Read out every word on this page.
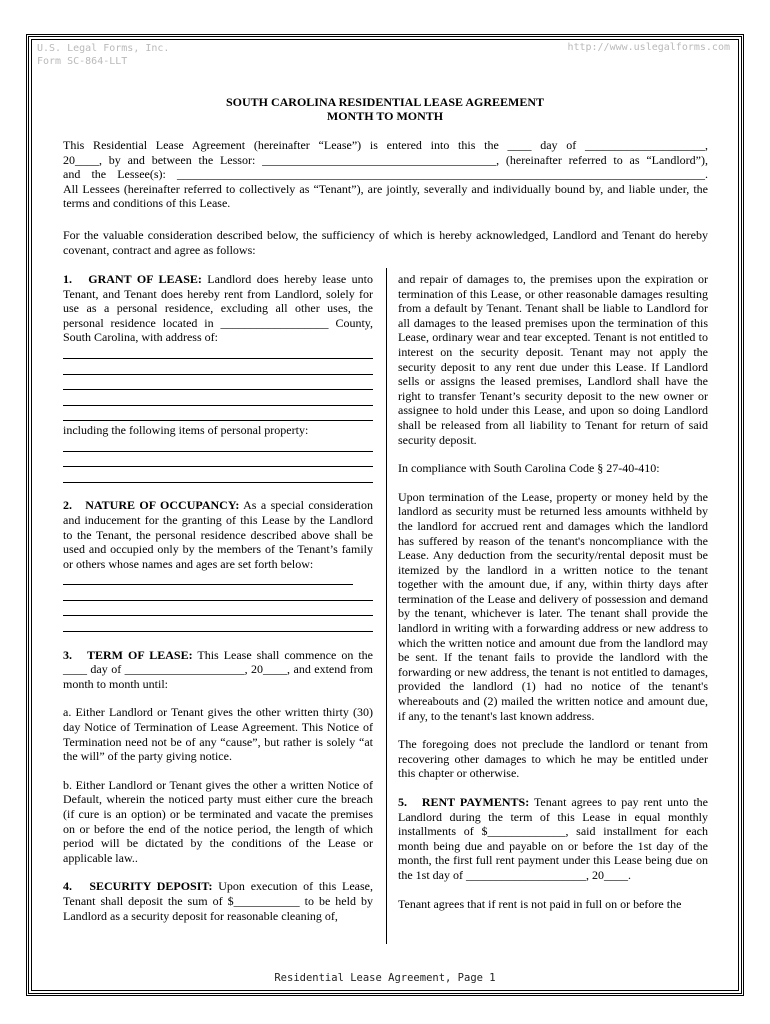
U.S. Legal Forms, Inc.
Form SC-864-LLT
http://www.uslegalforms.com
SOUTH CAROLINA RESIDENTIAL LEASE AGREEMENT
MONTH TO MONTH

This Residential Lease Agreement (hereinafter “Lease”) is entered into this the ____ day of ____________________,

20____, by and between the Lessor: _______________________________________, (hereinafter referred to as “Landlord”),

and the Lessee(s): ________________________________________________________________________________________.

All Lessees (hereinafter referred to collectively as “Tenant”), are jointly, severally and individually bound by, and liable under, the terms and conditions of this Lease.

For the valuable consideration described below, the sufficiency of which is hereby acknowledged, Landlord and Tenant do hereby covenant, contract and agree as follows:

1.   GRANT OF LEASE: Landlord does hereby lease unto Tenant, and Tenant does hereby rent from Landlord, solely for use as a personal residence, excluding all other uses, the personal residence located in __________________ County, South Carolina, with address of:

including the following items of personal property:

2.   NATURE OF OCCUPANCY: As a special consideration and inducement for the granting of this Lease by the Landlord to the Tenant, the personal residence described above shall be used and occupied only by the members of the Tenant’s family or others whose names and ages are set forth below:

3.   TERM OF LEASE: This Lease shall commence on the ____ day of ____________________, 20____, and extend from month to month until:

a. Either Landlord or Tenant gives the other written thirty (30) day Notice of Termination of Lease Agreement. This Notice of Termination need not be of any “cause”, but rather is solely “at the will” of the party giving notice.

b. Either Landlord or Tenant gives the other a written Notice of Default, wherein the noticed party must either cure the breach (if cure is an option) or be terminated and vacate the premises on or before the end of the notice period, the length of which period will be dictated by the conditions of the Lease or applicable law..

4.   SECURITY DEPOSIT: Upon execution of this Lease, Tenant shall deposit the sum of $___________ to be held by Landlord as a security deposit for reasonable cleaning of,

and repair of damages to, the premises upon the expiration or termination of this Lease, or other reasonable damages resulting from a default by Tenant. Tenant shall be liable to Landlord for all damages to the leased premises upon the termination of this Lease, ordinary wear and tear excepted. Tenant is not entitled to interest on the security deposit. Tenant may not apply the security deposit to any rent due under this Lease. If Landlord sells or assigns the leased premises, Landlord shall have the right to transfer Tenant’s security deposit to the new owner or assignee to hold under this Lease, and upon so doing Landlord shall be released from all liability to Tenant for return of said security deposit.

In compliance with South Carolina Code § 27-40-410:

Upon termination of the Lease, property or money held by the landlord as security must be returned less amounts withheld by the landlord for accrued rent and damages which the landlord has suffered by reason of the tenant's noncompliance with the Lease. Any deduction from the security/rental deposit must be itemized by the landlord in a written notice to the tenant together with the amount due, if any, within thirty days after termination of the Lease and delivery of possession and demand by the tenant, whichever is later. The tenant shall provide the landlord in writing with a forwarding address or new address to which the written notice and amount due from the landlord may be sent. If the tenant fails to provide the landlord with the forwarding or new address, the tenant is not entitled to damages, provided the landlord (1) had no notice of the tenant's whereabouts and (2) mailed the written notice and amount due, if any, to the tenant's last known address.

The foregoing does not preclude the landlord or tenant from recovering other damages to which he may be entitled under this chapter or otherwise.

5.   RENT PAYMENTS: Tenant agrees to pay rent unto the Landlord during the term of this Lease in equal monthly installments of $_____________, said installment for each month being due and payable on or before the 1st day of the month, the first full rent payment under this Lease being due on the 1st day of ____________________, 20____.

Tenant agrees that if rent is not paid in full on or before the

Residential Lease Agreement, Page 1
